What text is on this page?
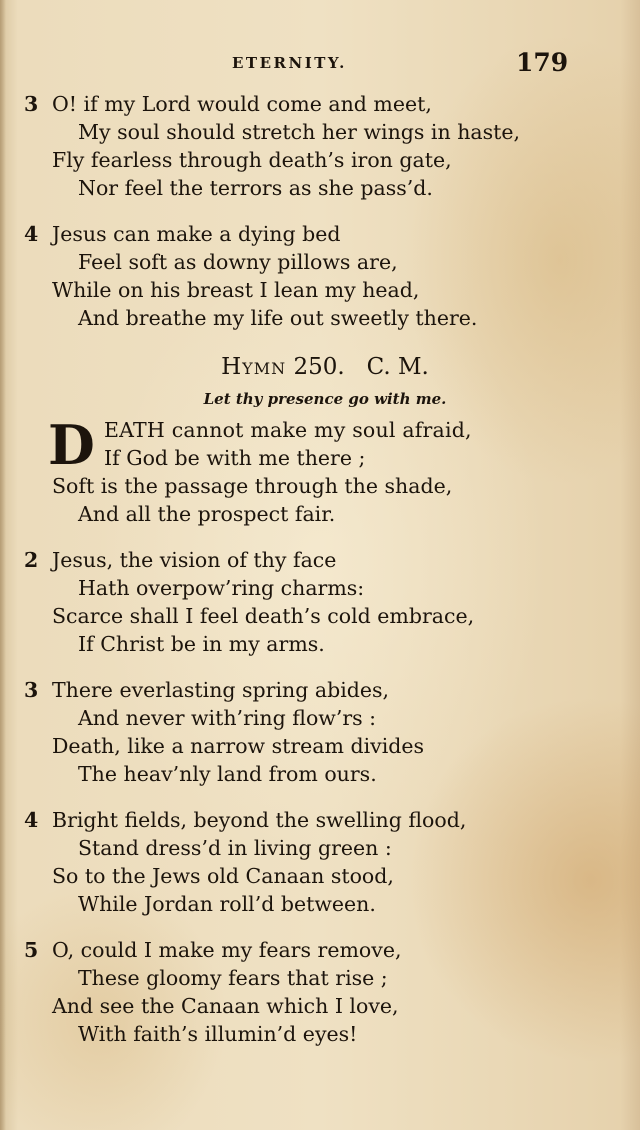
ETERNITY.	179
3 O! if my Lord would come and meet,
My soul should stretch her wings in haste,
Fly fearless through death’s iron gate,
Nor feel the terrors as she pass’d.
4 Jesus can make a dying bed
Feel soft as downy pillows are,
While on his breast I lean my head,
And breathe my life out sweetly there.
Hymn 250. C. M.
Let thy presence go with me.
D EATH cannot make my soul afraid,
If God be with me there ;
Soft is the passage through the shade,
And all the prospect fair.
2 Jesus, the vision of thy face
Hath overpow’ring charms:
Scarce shall I feel death’s cold embrace,
If Christ be in my arms.
3 There everlasting spring abides,
And never with’ring flow’rs :
Death, like a narrow stream divides
The heav’nly land from ours.
4 Bright fields, beyond the swelling flood,
Stand dress’d in living green :
So to the Jews old Canaan stood,
While Jordan roll’d between.
5 O, could I make my fears remove,
These gloomy fears that rise ;
And see the Canaan which I love,
With faith’s illumin’d eyes!
